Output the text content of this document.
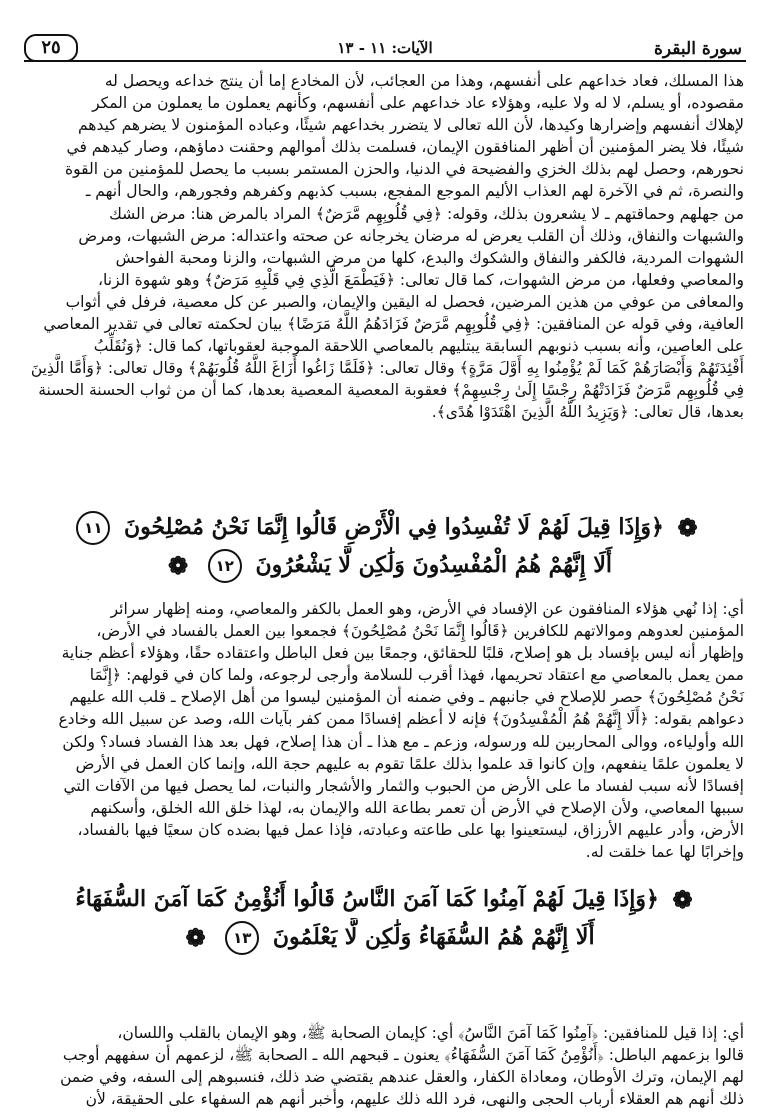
سورة البقرة
الآيات: ١١ - ١٣
٢٥

هذا المسلك، فعاد خداعهم على أنفسهم، وهذا من العجائب، لأن المخادع إما أن ينتج خداعه ويحصل له

مقصوده، أو يسلم، لا له ولا عليه، وهؤلاء عاد خداعهم على أنفسهم، وكأنهم يعملون ما يعملون من المكر

لإهلاك أنفسهم وإضرارها وكيدها، لأن الله تعالى لا يتضرر بخداعهم شيئًا، وعباده المؤمنون لا يضرهم كيدهم

شيئًا، فلا يضر المؤمنين أن أظهر المنافقون الإيمان، فسلمت بذلك أموالهم وحقنت دماؤهم، وصار كيدهم في

نحورهم، وحصل لهم بذلك الخزي والفضيحة في الدنيا، والحزن المستمر بسبب ما يحصل للمؤمنين من القوة

والنصرة، ثم في الآخرة لهم العذاب الأليم الموجع المفجع، بسبب كذبهم وكفرهم وفجورهم، والحال أنهم ـ

من جهلهم وحماقتهم ـ لا يشعرون بذلك، وقوله: ﴿فِي قُلُوبِهِم مَّرَضٌ﴾ المراد بالمرض هنا: مرض الشك

والشبهات والنفاق، وذلك أن القلب يعرض له مرضان يخرجانه عن صحته واعتداله: مرض الشبهات، ومرض

الشهوات المردية، فالكفر والنفاق والشكوك والبدع، كلها من مرض الشبهات، والزنا ومحبة الفواحش

والمعاصي وفعلها، من مرض الشهوات، كما قال تعالى: ﴿فَيَطْمَعَ الَّذِي فِي قَلْبِهِ مَرَضٌ﴾ وهو شهوة الزنا،

والمعافى من عوفي من هذين المرضين، فحصل له اليقين والإيمان، والصبر عن كل معصية، فرفل في أثواب

العافية، وفي قوله عن المنافقين: ﴿فِي قُلُوبِهِم مَّرَضٌ فَزَادَهُمُ اللَّهُ مَرَضًا﴾ بيان لحكمته تعالى في تقدير المعاصي

على العاصين، وأنه بسبب ذنوبهم السابقة يبتليهم بالمعاصي اللاحقة الموجبة لعقوباتها، كما قال: ﴿وَنُقَلِّبُ

أَفْئِدَتَهُمْ وَأَبْصَارَهُمْ كَمَا لَمْ يُؤْمِنُوا بِهِ أَوَّلَ مَرَّةٍ﴾ وقال تعالى: ﴿فَلَمَّا زَاغُوا أَزَاغَ اللَّهُ قُلُوبَهُمْ﴾ وقال تعالى: ﴿وَأَمَّا الَّذِينَ

فِي قُلُوبِهِم مَّرَضٌ فَزَادَتْهُمْ رِجْسًا إِلَىٰ رِجْسِهِمْ﴾ فعقوبة المعصية المعصية بعدها، كما أن من ثواب الحسنة الحسنة

بعدها، قال تعالى: ﴿وَيَزِيدُ اللَّهُ الَّذِينَ اهْتَدَوْا هُدًى﴾.

❁ ﴿وَإِذَا قِيلَ لَهُمْ لَا تُفْسِدُوا فِي الْأَرْضِ قَالُوا إِنَّمَا نَحْنُ مُصْلِحُونَ ١١
أَلَا إِنَّهُمْ هُمُ الْمُفْسِدُونَ وَلَٰكِن لَّا يَشْعُرُونَ ١٢ ❁

أي: إذا نُهي هؤلاء المنافقون عن الإفساد في الأرض، وهو العمل بالكفر والمعاصي، ومنه إظهار سرائر

المؤمنين لعدوهم وموالاتهم للكافرين ﴿قَالُوا إِنَّمَا نَحْنُ مُصْلِحُونَ﴾ فجمعوا بين العمل بالفساد في الأرض،

وإظهار أنه ليس بإفساد بل هو إصلاح، قلبًا للحقائق، وجمعًا بين فعل الباطل واعتقاده حقًا، وهؤلاء أعظم جناية

ممن يعمل بالمعاصي مع اعتقاد تحريمها، فهذا أقرب للسلامة وأرجى لرجوعه، ولما كان في قولهم: ﴿إِنَّمَا

نَحْنُ مُصْلِحُونَ﴾ حصر للإصلاح في جانبهم ـ وفي ضمنه أن المؤمنين ليسوا من أهل الإصلاح ـ قلب الله عليهم

دعواهم بقوله: ﴿أَلَا إِنَّهُمْ هُمُ الْمُفْسِدُونَ﴾ فإنه لا أعظم إفسادًا ممن كفر بآيات الله، وصد عن سبيل الله وخادع

الله وأولياءه، ووالى المحاربين لله ورسوله، وزعم ـ مع هذا ـ أن هذا إصلاح، فهل بعد هذا الفساد فساد؟ ولكن

لا يعلمون علمًا ينفعهم، وإن كانوا قد علموا بذلك علمًا تقوم به عليهم حجة الله، وإنما كان العمل في الأرض

إفسادًا لأنه سبب لفساد ما على الأرض من الحبوب والثمار والأشجار والنبات، لما يحصل فيها من الآفات التي

سببها المعاصي، ولأن الإصلاح في الأرض أن تعمر بطاعة الله والإيمان به، لهذا خلق الله الخلق، وأسكنهم

الأرض، وأدر عليهم الأرزاق، ليستعينوا بها على طاعته وعبادته، فإذا عمل فيها بضده كان سعيًا فيها بالفساد،

وإخرابًا لها عما خلقت له.

❁ ﴿وَإِذَا قِيلَ لَهُمْ آمِنُوا كَمَا آمَنَ النَّاسُ قَالُوا أَنُؤْمِنُ كَمَا آمَنَ السُّفَهَاءُ
أَلَا إِنَّهُمْ هُمُ السُّفَهَاءُ وَلَٰكِن لَّا يَعْلَمُونَ ١٣ ❁

أي: إذا قيل للمنافقين: ﴿آمِنُوا كَمَا آمَنَ النَّاسُ﴾ أي: كإيمان الصحابة ﷺ، وهو الإيمان بالقلب واللسان،

قالوا بزعمهم الباطل: ﴿أَنُؤْمِنُ كَمَا آمَنَ السُّفَهَاءُ﴾ يعنون ـ قبحهم الله ـ الصحابة ﷺ، لزعمهم أن سفههم أوجب

لهم الإيمان، وترك الأوطان، ومعاداة الكفار، والعقل عندهم يقتضي ضد ذلك، فنسبوهم إلى السفه، وفي ضمن

ذلك أنهم هم العقلاء أرباب الحجى والنهى، فرد الله ذلك عليهم، وأخبر أنهم هم السفهاء على الحقيقة، لأن
